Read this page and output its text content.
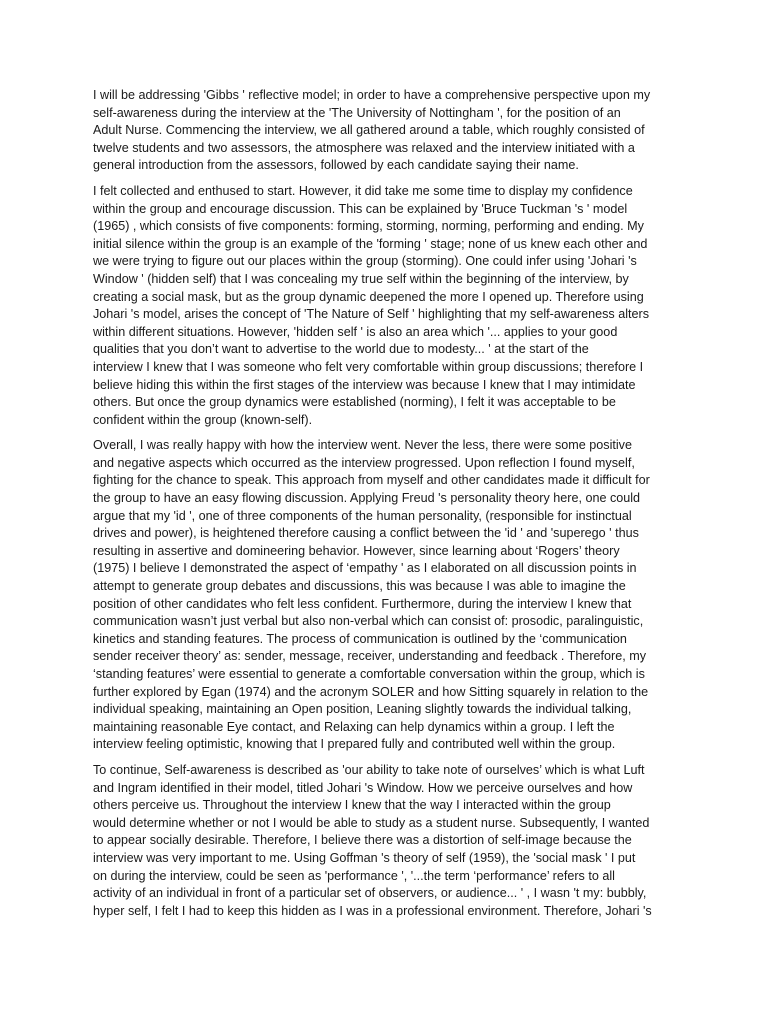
I will be addressing 'Gibbs ' reflective model; in order to have a comprehensive perspective upon my
self-awareness during the interview at the 'The University of Nottingham ', for the position of an
Adult Nurse. Commencing the interview, we all gathered around a table, which roughly consisted of
twelve students and two assessors, the atmosphere was relaxed and the interview initiated with a
general introduction from the assessors, followed by each candidate saying their name.

I felt collected and enthused to start. However, it did take me some time to display my confidence
within the group and encourage discussion. This can be explained by 'Bruce Tuckman 's ' model
(1965) , which consists of five components: forming, storming, norming, performing and ending. My
initial silence within the group is an example of the 'forming ' stage; none of us knew each other and
we were trying to figure out our places within the group (storming). One could infer using 'Johari 's
Window ' (hidden self) that I was concealing my true self within the beginning of the interview, by
creating a social mask, but as the group dynamic deepened the more I opened up. Therefore using
Johari 's model, arises the concept of 'The Nature of Self ' highlighting that my self-awareness alters
within different situations. However, 'hidden self ' is also an area which '... applies to your good
qualities that you don’t want to advertise to the world due to modesty... ' at the start of the
interview I knew that I was someone who felt very comfortable within group discussions; therefore I
believe hiding this within the first stages of the interview was because I knew that I may intimidate
others. But once the group dynamics were established (norming), I felt it was acceptable to be
confident within the group (known-self).

Overall, I was really happy with how the interview went. Never the less, there were some positive
and negative aspects which occurred as the interview progressed. Upon reflection I found myself,
fighting for the chance to speak. This approach from myself and other candidates made it difficult for
the group to have an easy flowing discussion. Applying Freud 's personality theory here, one could
argue that my 'id ', one of three components of the human personality, (responsible for instinctual
drives and power), is heightened therefore causing a conflict between the 'id ' and 'superego ' thus
resulting in assertive and domineering behavior. However, since learning about ‘Rogers’ theory
(1975) I believe I demonstrated the aspect of ‘empathy ' as I elaborated on all discussion points in
attempt to generate group debates and discussions, this was because I was able to imagine the
position of other candidates who felt less confident. Furthermore, during the interview I knew that
communication wasn’t just verbal but also non-verbal which can consist of: prosodic, paralinguistic,
kinetics and standing features. The process of communication is outlined by the ‘communication
sender receiver theory’ as: sender, message, receiver, understanding and feedback . Therefore, my
‘standing features’ were essential to generate a comfortable conversation within the group, which is
further explored by Egan (1974) and the acronym SOLER and how Sitting squarely in relation to the
individual speaking, maintaining an Open position, Leaning slightly towards the individual talking,
maintaining reasonable Eye contact, and Relaxing can help dynamics within a group. I left the
interview feeling optimistic, knowing that I prepared fully and contributed well within the group.

To continue, Self-awareness is described as 'our ability to take note of ourselves’ which is what Luft
and Ingram identified in their model, titled Johari 's Window. How we perceive ourselves and how
others perceive us. Throughout the interview I knew that the way I interacted within the group
would determine whether or not I would be able to study as a student nurse. Subsequently, I wanted
to appear socially desirable. Therefore, I believe there was a distortion of self-image because the
interview was very important to me. Using Goffman 's theory of self (1959), the 'social mask ' I put
on during the interview, could be seen as 'performance ', '...the term ‘performance’ refers to all
activity of an individual in front of a particular set of observers, or audience... ' , I wasn 't my: bubbly,
hyper self, I felt I had to keep this hidden as I was in a professional environment. Therefore, Johari 's
